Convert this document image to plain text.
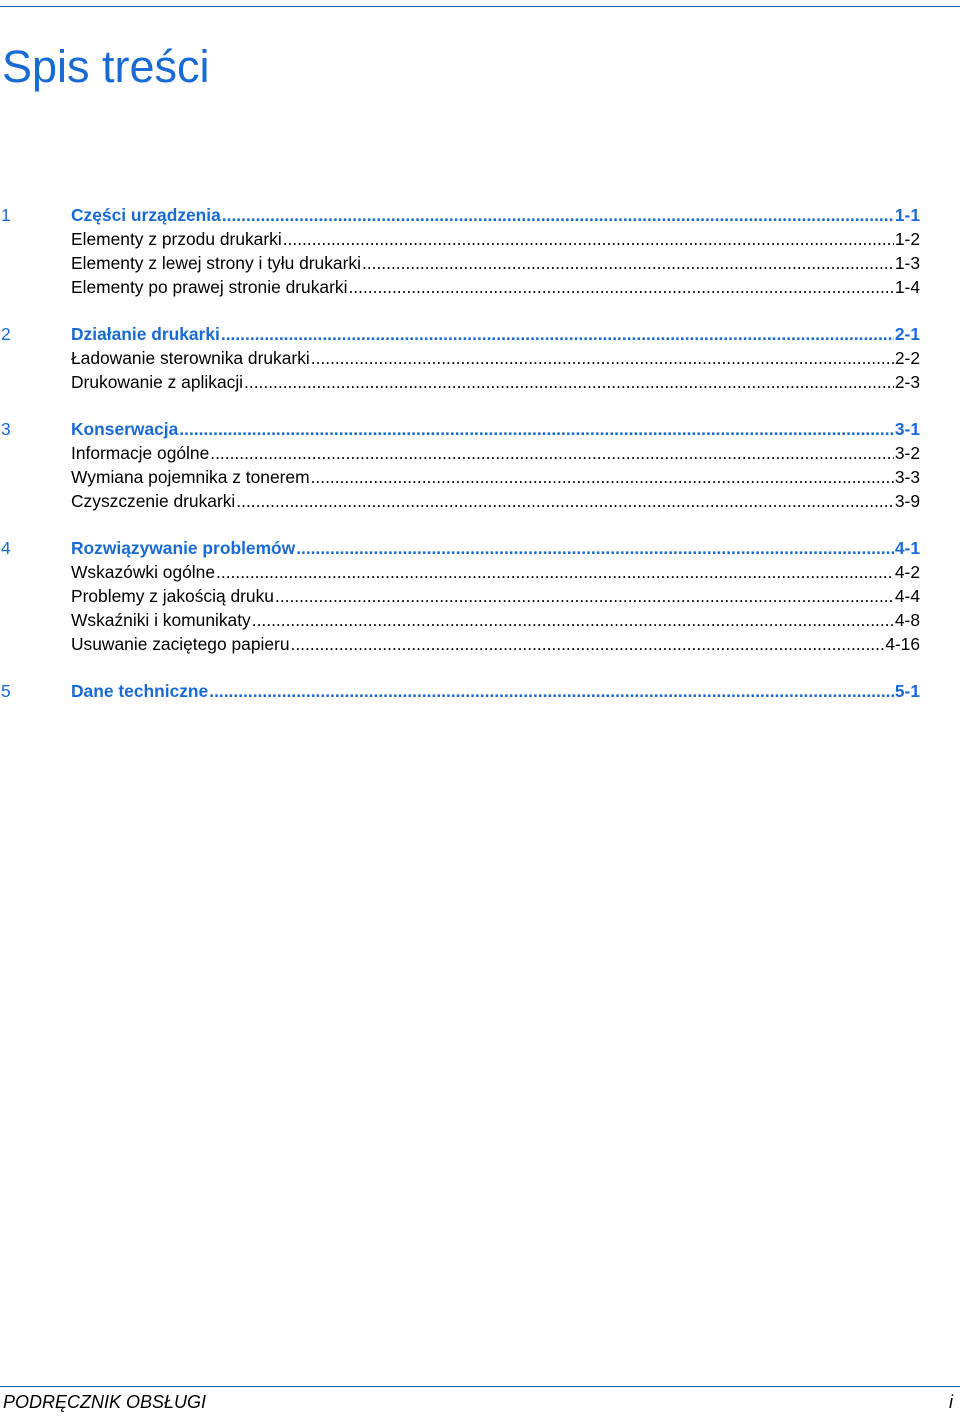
Spis treści
1	Części urządzenia .....	1-1
Elementy z przodu drukarki .....	1-2
Elementy z lewej strony i tyłu drukarki .....	1-3
Elementy po prawej stronie drukarki .....	1-4
2	Działanie drukarki .....	2-1
Ładowanie sterownika drukarki .....	2-2
Drukowanie z aplikacji .....	2-3
3	Konserwacja .....	3-1
Informacje ogólne .....	3-2
Wymiana pojemnika z tonerem .....	3-3
Czyszczenie drukarki .....	3-9
4	Rozwiązywanie problemów .....	4-1
Wskazówki ogólne .....	4-2
Problemy z jakością druku .....	4-4
Wskaźniki i komunikaty .....	4-8
Usuwanie zaciętego papieru .....	4-16
5	Dane techniczne .....	5-1
PODRĘCZNIK OBSŁUGI	i
